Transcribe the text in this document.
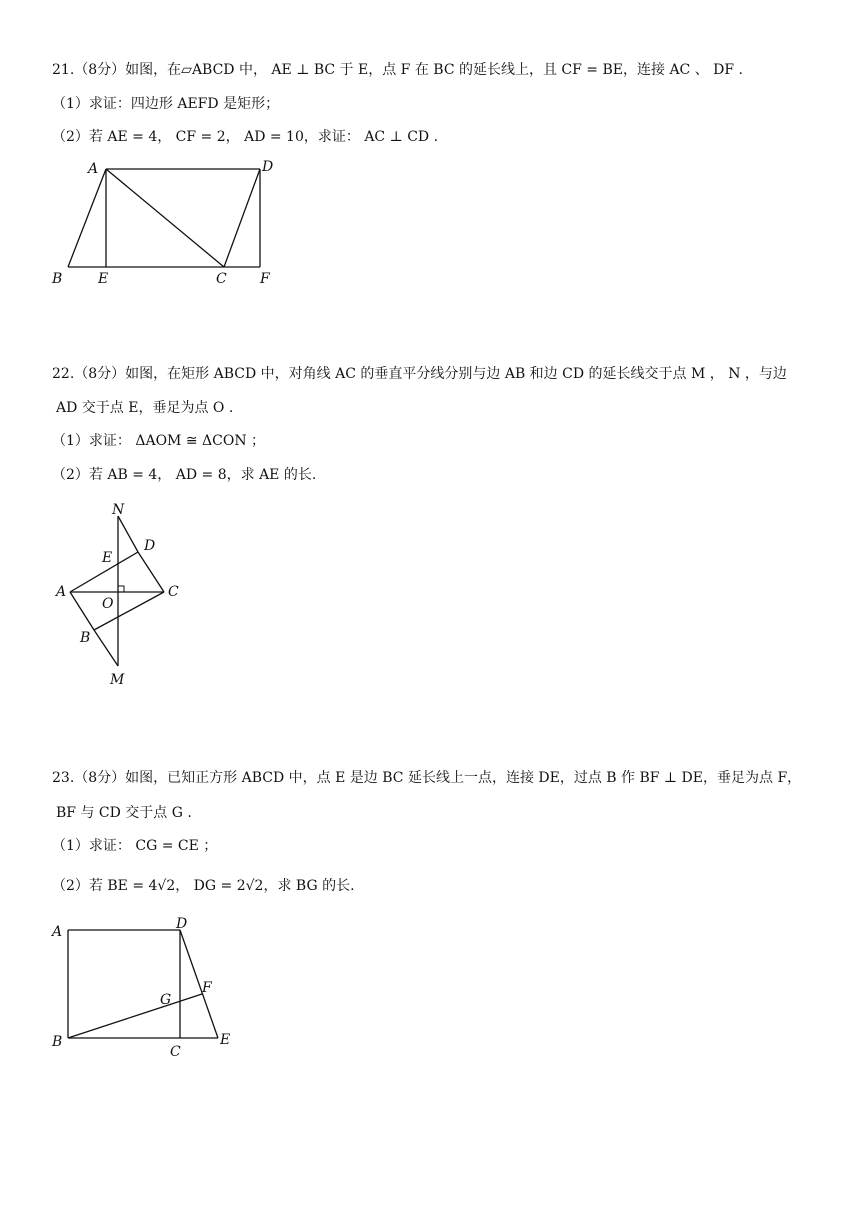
21.（8分）如图，在▱ABCD 中， AE ⊥ BC 于 E，点 F 在 BC 的延长线上，且 CF = BE，连接 AC 、 DF .
（1）求证：四边形 AEFD 是矩形；
（2）若 AE = 4， CF = 2， AD = 10，求证： AC ⊥ CD .
A	D
B	E	C F
22.（8分）如图，在矩形 ABCD 中，对角线 AC 的垂直平分线分别与边 AB 和边 CD 的延长线交于点 M ， N ，与边
AD 交于点 E，垂足为点 O .
（1）求证： ΔAOM ≅ ΔCON ；
（2）若 AB = 4， AD = 8，求 AE 的长.
N
D
E
A
O
C
B
M
23.（8分）如图，已知正方形 ABCD 中，点 E 是边 BC 延长线上一点，连接 DE，过点 B 作 BF ⊥ DE，垂足为点 F，
BF 与 CD 交于点 G .
（1）求证： CG = CE ；
（2）若 BE = 4√2， DG = 2√2，求 BG 的长.
A	D
G
F
B
C
E
